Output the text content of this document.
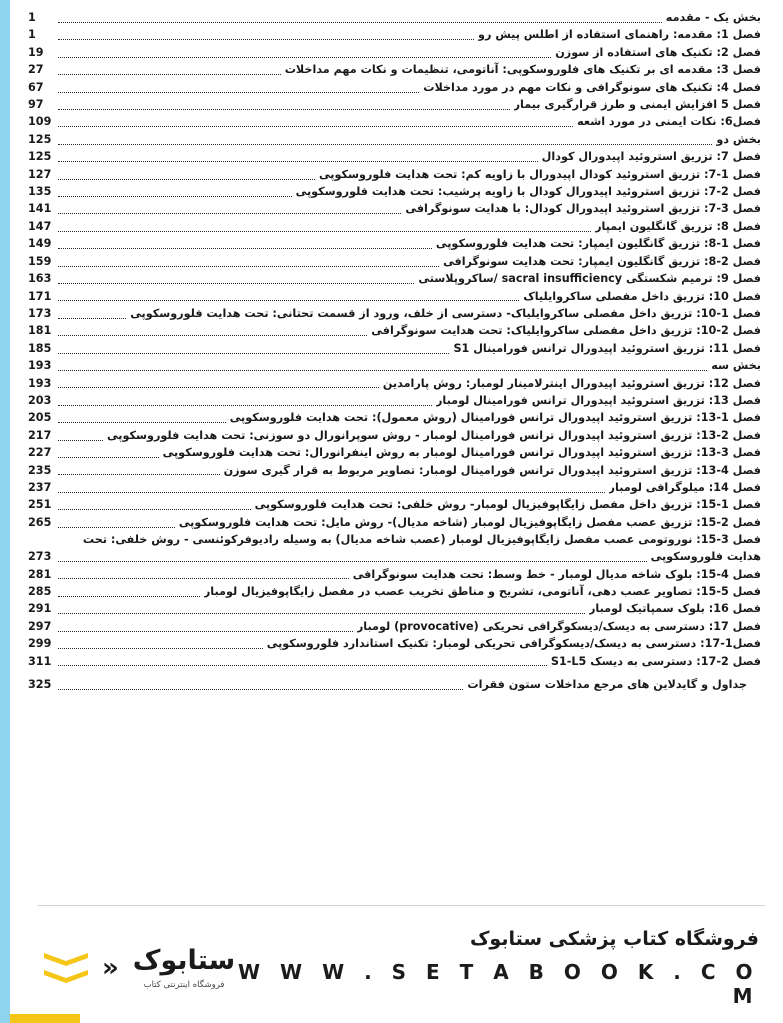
بخش یک - مقدمه
1
فصل 1: مقدمه: راهنمای استفاده از اطلس پیش رو
1
فصل 2: تکنیک های استفاده از سوزن
19
فصل 3: مقدمه ای بر تکنیک های فلوروسکوپی: آناتومی، تنظیمات و نکات مهم مداخلات
27
فصل 4: تکنیک های سونوگرافی و نکات مهم در مورد مداخلات
67
فصل 5 افزایش ایمنی و طرز قرارگیری بیمار
97
فصل6: نکات ایمنی در مورد اشعه
109
بخش دو
125
فصل 7: تزریق استروئید اپیدورال کودال
125
فصل 1-7: تزریق استروئید کودال اپیدورال با زاویه کم: تحت هدایت فلوروسکوپی
127
فصل 2-7: تزریق استروئید اپیدورال کودال با زاویه پرشیب: تحت هدایت فلوروسکوپی
135
فصل 3-7: تزریق استروئید اپیدورال کودال: با هدایت سونوگرافی
141
فصل 8: تزریق گانگلیون ایمپار
147
فصل 1-8: تزریق گانگلیون ایمپار: تحت هدایت فلوروسکوپی
149
فصل 2-8: تزریق گانگلیون ایمپار: تحت هدایت سونوگرافی
159
فصل 9: ترمیم شکستگی sacral insufficiency /ساکروپلاستی
163
فصل 10: تزریق داخل مفصلی ساکروایلیاک
171
فصل 1-10: تزریق داخل مفصلی ساکروایلیاک- دسترسی از خلف، ورود از قسمت تحتانی: تحت هدایت فلوروسکوپی
173
فصل 2-10: تزریق داخل مفصلی ساکروایلیاک: تحت هدایت سونوگرافی
181
فصل 11: تزریق استروئید اپیدورال ترانس فورامینال S1
185
بخش سه
193
فصل 12: تزریق استروئید اپیدورال اینترلامینار لومبار: روش پارامدین
193
فصل 13: تزریق استروئید اپیدورال ترانس فورامینال لومبار
203
فصل 1-13: تزریق استروئید اپیدورال ترانس فورامینال (روش معمول): تحت هدایت فلوروسکوپی
205
فصل 2-13: تزریق استروئید اپیدورال ترانس فورامینال لومبار - روش سوپرانورال دو سوزنی: تحت هدایت فلوروسکوپی
217
فصل 3-13: تزریق استروئید اپیدورال ترانس فورامینال لومبار به روش اینفرانورال: تحت هدایت فلوروسکوپی
227
فصل 4-13: تزریق استروئید اپیدورال ترانس فورامینال لومبار: تصاویر مربوط به قرار گیری سوزن
235
فصل 14: میلوگرافی لومبار
237
فصل 1-15: تزریق داخل مفصل زایگاپوفیزیال لومبار- روش خلفی: تحت هدایت فلوروسکوپی
251
فصل 2-15: تزریق عصب مفصل زایگاپوفیزیال لومبار (شاخه مدیال)- روش مایل: تحت هدایت فلوروسکوپی
265
فصل 3-15: نوروتومی عصب مفصل زایگاپوفیزیال لومبار (عصب شاخه مدیال) به وسیله رادیوفرکوئنسی - روش خلفی: تحت
هدایت فلوروسکوپی
273
فصل 4-15: بلوک شاخه مدیال لومبار - خط وسط: تحت هدایت سونوگرافی
281
فصل 5-15: تصاویر عصب دهی، آناتومی، تشریح و مناطق تخریب عصب در مفصل زایگاپوفیزیال لومبار
285
فصل 16: بلوک سمپاتیک لومبار
291
فصل 17: دسترسی به دیسک/دیسکوگرافی تحریکی (provocative) لومبار
297
فصل1-17: دسترسی به دیسک/دیسکوگرافی تحریکی لومبار: تکنیک استاندارد فلوروسکوپی
299
فصل 2-17: دسترسی به دیسک S1-L5
311
جداول و گایدلاین های مرجع مداخلات ستون فقرات
325
فروشگاه کتاب پزشکی ستابوک
W W W . S E T A B O O K . C O M
ستابوک
فروشگاه اینترنتی کتاب
«
